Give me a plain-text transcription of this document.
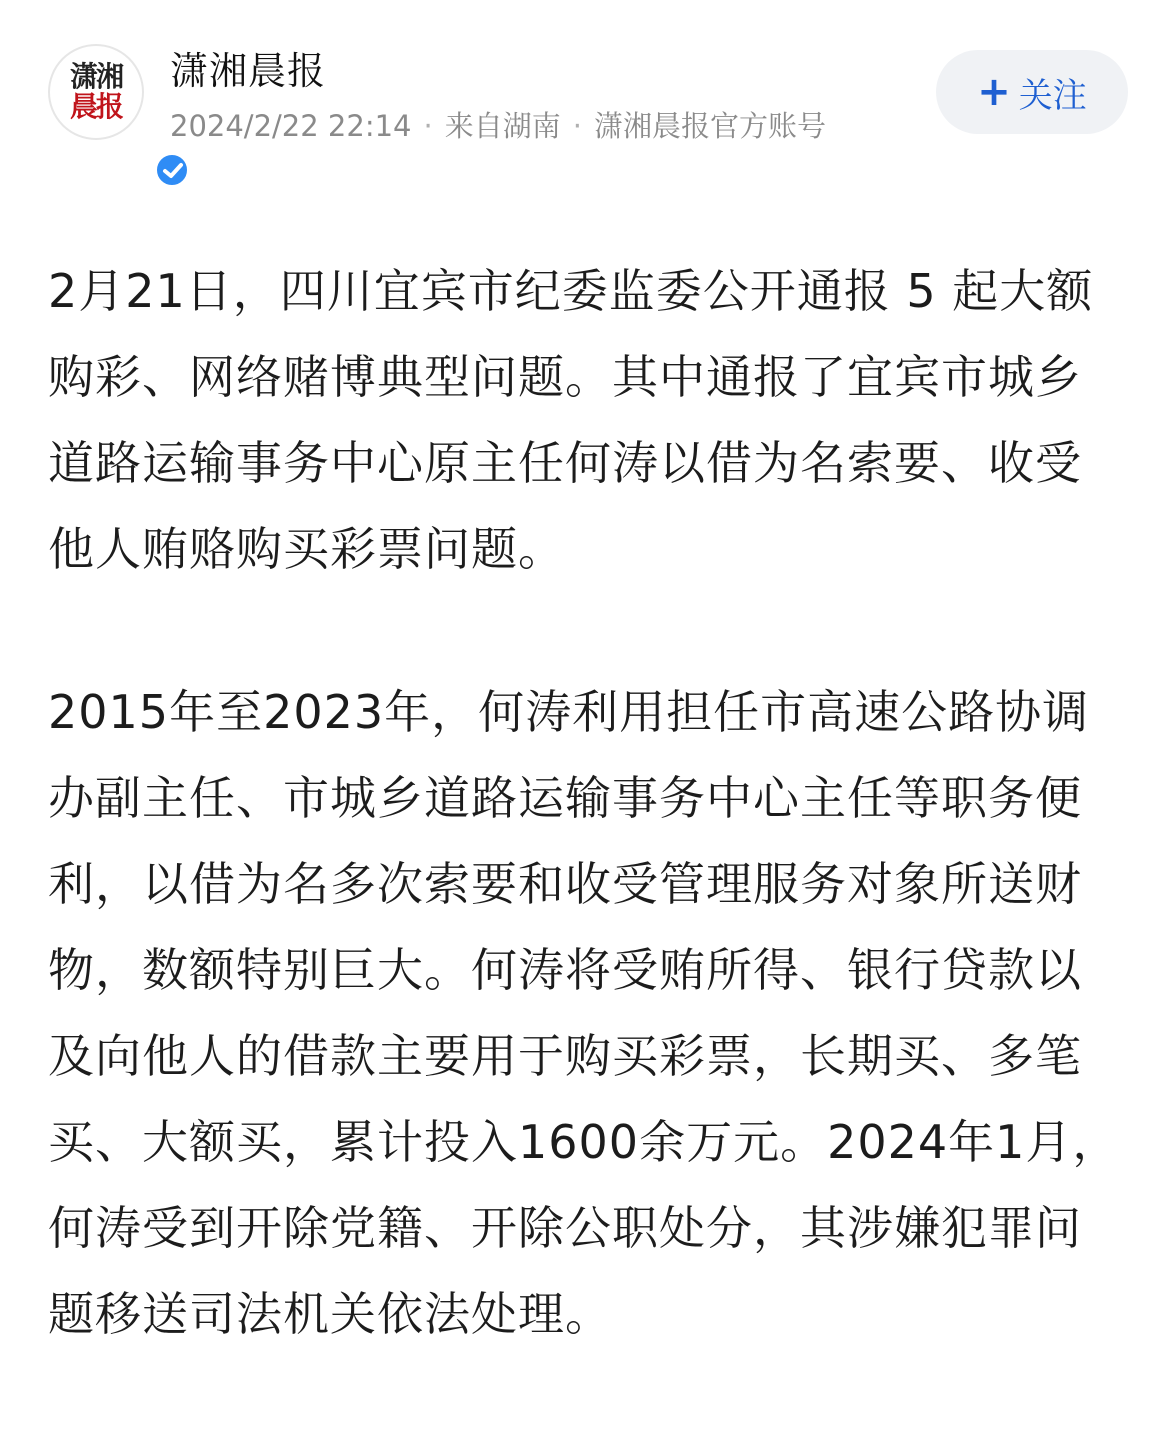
潇湘
晨报
潇湘晨报
2024/2/22 22:14 · 来自湖南 · 潇湘晨报官方账号
+ 关注

2月21日，四川宜宾市纪委监委公开通报 5 起大额购彩、网络赌博典型问题。其中通报了宜宾市城乡道路运输事务中心原主任何涛以借为名索要、收受他人贿赂购买彩票问题。

2015年至2023年，何涛利用担任市高速公路协调办副主任、市城乡道路运输事务中心主任等职务便利，以借为名多次索要和收受管理服务对象所送财物，数额特别巨大。何涛将受贿所得、银行贷款以及向他人的借款主要用于购买彩票，长期买、多笔买、大额买，累计投入1600余万元。2024年1月，何涛受到开除党籍、开除公职处分，其涉嫌犯罪问题移送司法机关依法处理。
